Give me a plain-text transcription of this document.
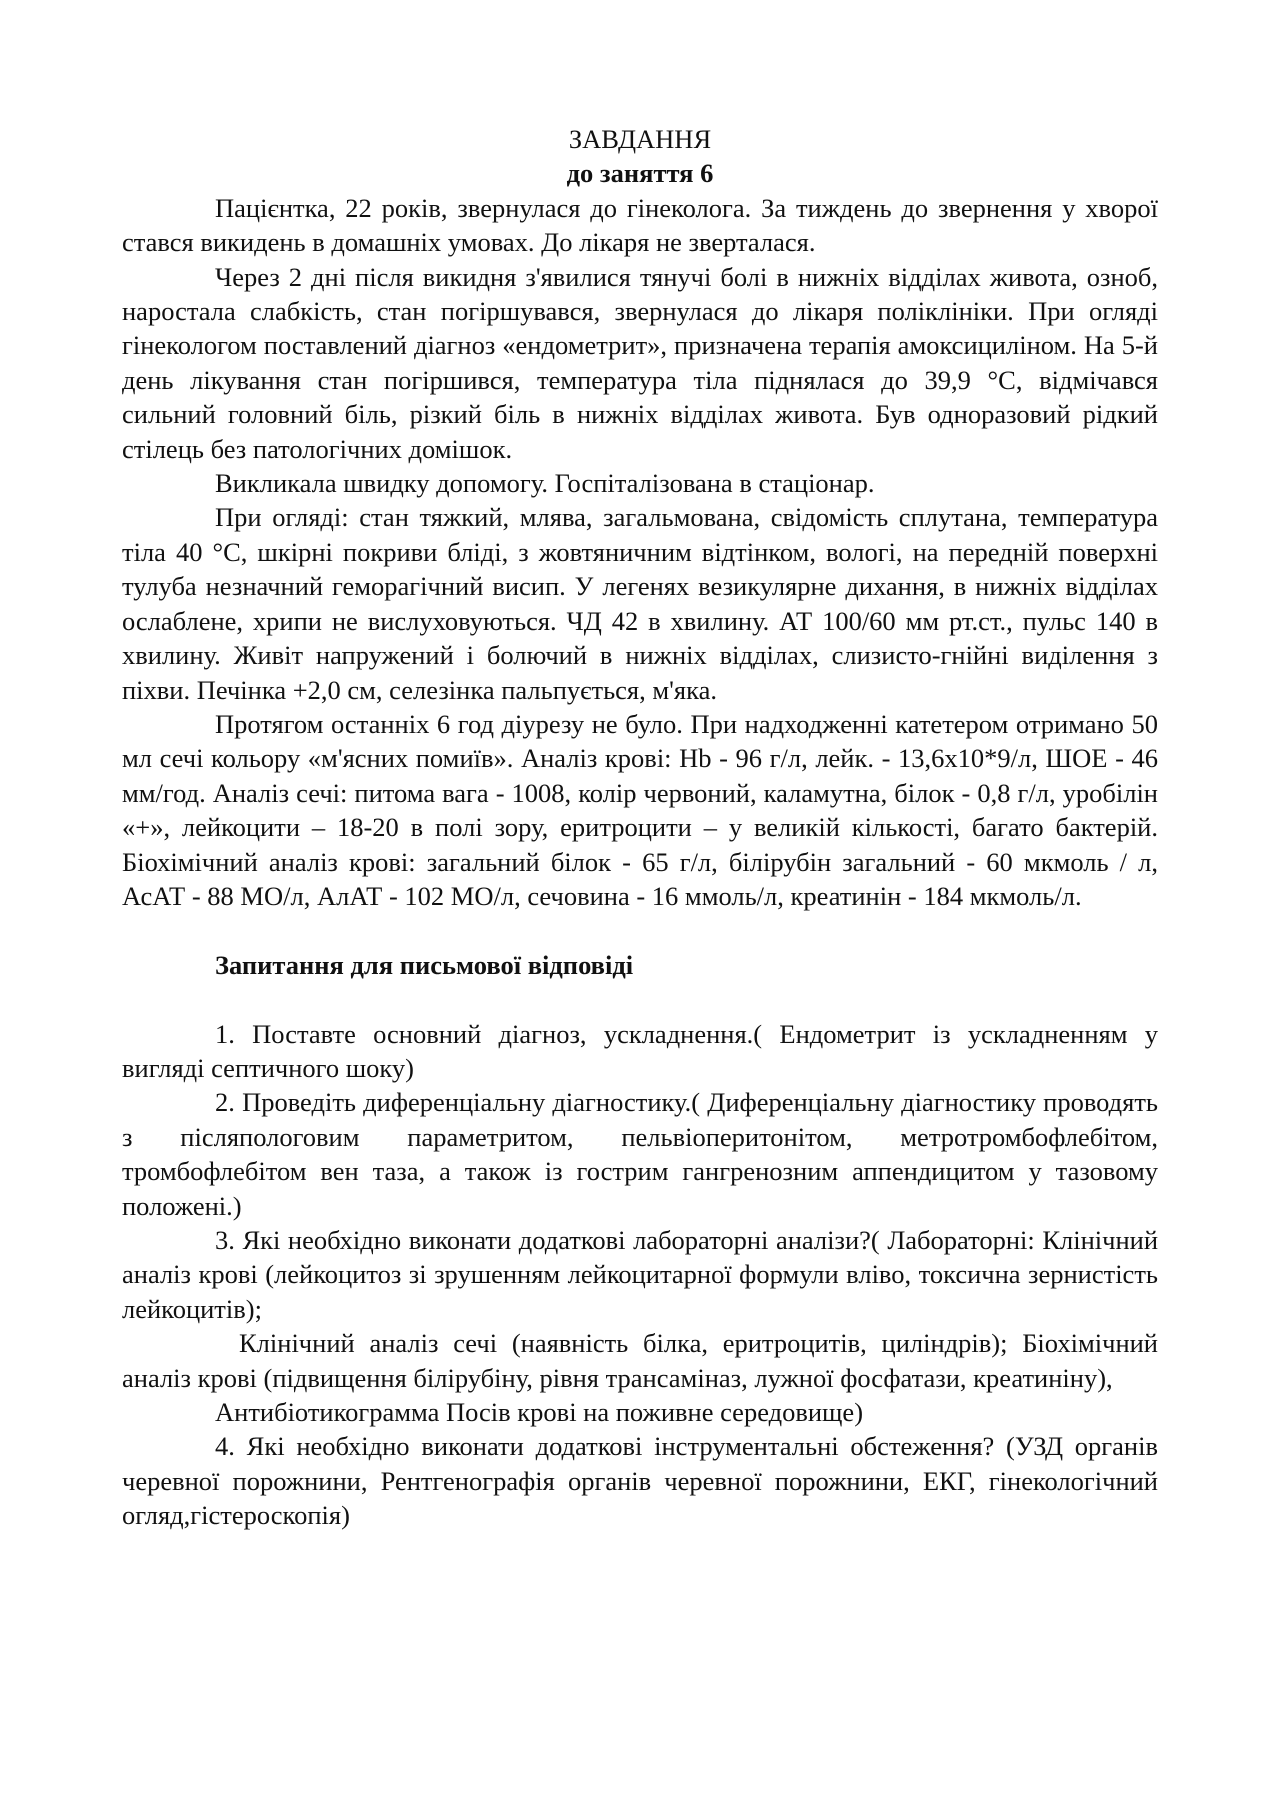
ЗАВДАННЯ

до заняття 6

Пацієнтка, 22 років, звернулася до гінеколога. За тиждень до звернення у хворої стався викидень в домашніх умовах. До лікаря не зверталася.

Через 2 дні після викидня з'явилися тянучі болі в нижніх відділах живота, озноб, наростала слабкість, стан погіршувався, звернулася до лікаря поліклініки. При огляді гінекологом поставлений діагноз «ендометрит», призначена терапія амоксициліном. На 5-й день лікування стан погіршився, температура тіла піднялася до 39,9 °С, відмічався сильний головний біль, різкий біль в нижніх відділах живота. Був одноразовий рідкий стілець без патологічних домішок.

Викликала швидку допомогу. Госпіталізована в стаціонар.

При огляді: стан тяжкий, млява, загальмована, свідомість сплутана, температура тіла 40 °С, шкірні покриви бліді, з жовтяничним відтінком, вологі, на передній поверхні тулуба незначний геморагічний висип. У легенях везикулярне дихання, в нижніх відділах ослаблене, хрипи не вислуховуються. ЧД 42 в хвилину. АТ 100/60 мм рт.ст., пульс 140 в хвилину. Живіт напружений і болючий в нижніх відділах, слизисто-гнійні виділення з піхви. Печінка +2,0 см, селезінка пальпується, м'яка.

Протягом останніх 6 год діурезу не було. При надходженні катетером отримано 50 мл сечі кольору «м'ясних помиїв». Аналіз крові: Hb - 96 г/л, лейк. - 13,6х10*9/л, ШОЕ - 46 мм/год. Аналіз сечі: питома вага - 1008, колір червоний, каламутна, білок - 0,8 г/л, уробілін «+», лейкоцити – 18-20 в полі зору, еритроцити – у великій кількості, багато бактерій. Біохімічний аналіз крові: загальний білок - 65 г/л, білірубін загальний - 60 мкмоль / л, АсАТ - 88 МО/л, АлАТ - 102 МО/л, сечовина - 16 ммоль/л, креатинін - 184 мкмоль/л.

Запитання для письмової відповіді

1. Поставте основний діагноз, ускладнення.( Ендометрит із ускладненням у вигляді септичного шоку)

2. Проведіть диференціальну діагностику.( Диференціальну діагностику проводять з післяпологовим параметритом, пельвіоперитонітом, метротромбофлебітом, тромбофлебітом вен таза, а також із гострим гангренозним аппендицитом у тазовому положені.)

3. Які необхідно виконати додаткові лабораторні аналізи?( Лабораторні: Клінічний аналіз крові (лейкоцитоз зі зрушенням лейкоцитарної формули вліво, токсична зернистість лейкоцитів);

Клінічний аналіз сечі (наявність білка, еритроцитів, циліндрів); Біохімічний аналіз крові (підвищення білірубіну, рівня трансаміназ, лужної фосфатази, креатиніну),

Антибіотикограмма Посів крові на поживне середовище)

4. Які необхідно виконати додаткові інструментальні обстеження? (УЗД органів черевної порожнини, Рентгенографія органів черевної порожнини, ЕКГ, гінекологічний огляд,гістероскопія)
